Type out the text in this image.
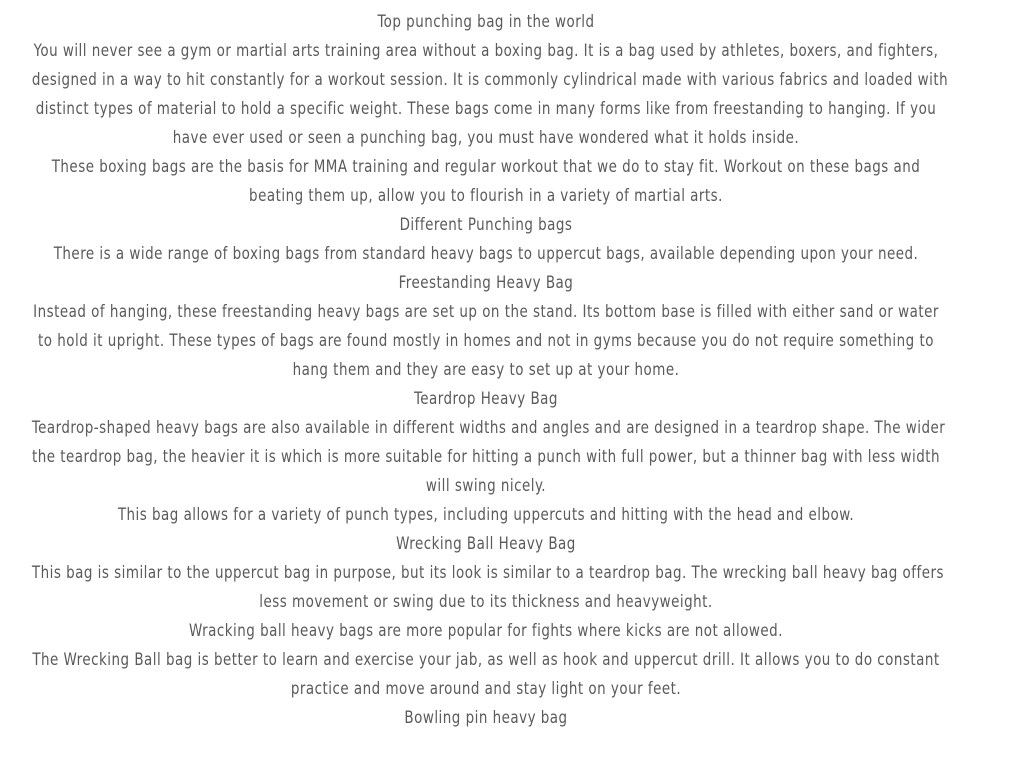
Top punching bag in the world

You will never see a gym or martial arts training area without a boxing bag. It is a bag used by athletes, boxers, and fighters,
designed in a way to hit constantly for a workout session. It is commonly cylindrical made with various fabrics and loaded with
distinct types of material to hold a specific weight. These bags come in many forms like from freestanding to hanging. If you
have ever used or seen a punching bag, you must have wondered what it holds inside.

These boxing bags are the basis for MMA training and regular workout that we do to stay fit. Workout on these bags and
beating them up, allow you to flourish in a variety of martial arts.

Different Punching bags

There is a wide range of boxing bags from standard heavy bags to uppercut bags, available depending upon your need.

Freestanding Heavy Bag

Instead of hanging, these freestanding heavy bags are set up on the stand. Its bottom base is filled with either sand or water
to hold it upright. These types of bags are found mostly in homes and not in gyms because you do not require something to
hang them and they are easy to set up at your home.

Teardrop Heavy Bag

Teardrop-shaped heavy bags are also available in different widths and angles and are designed in a teardrop shape. The wider
the teardrop bag, the heavier it is which is more suitable for hitting a punch with full power, but a thinner bag with less width
will swing nicely.

This bag allows for a variety of punch types, including uppercuts and hitting with the head and elbow.

Wrecking Ball Heavy Bag

This bag is similar to the uppercut bag in purpose, but its look is similar to a teardrop bag. The wrecking ball heavy bag offers
less movement or swing due to its thickness and heavyweight.

Wracking ball heavy bags are more popular for fights where kicks are not allowed.

The Wrecking Ball bag is better to learn and exercise your jab, as well as hook and uppercut drill. It allows you to do constant
practice and move around and stay light on your feet.

Bowling pin heavy bag
